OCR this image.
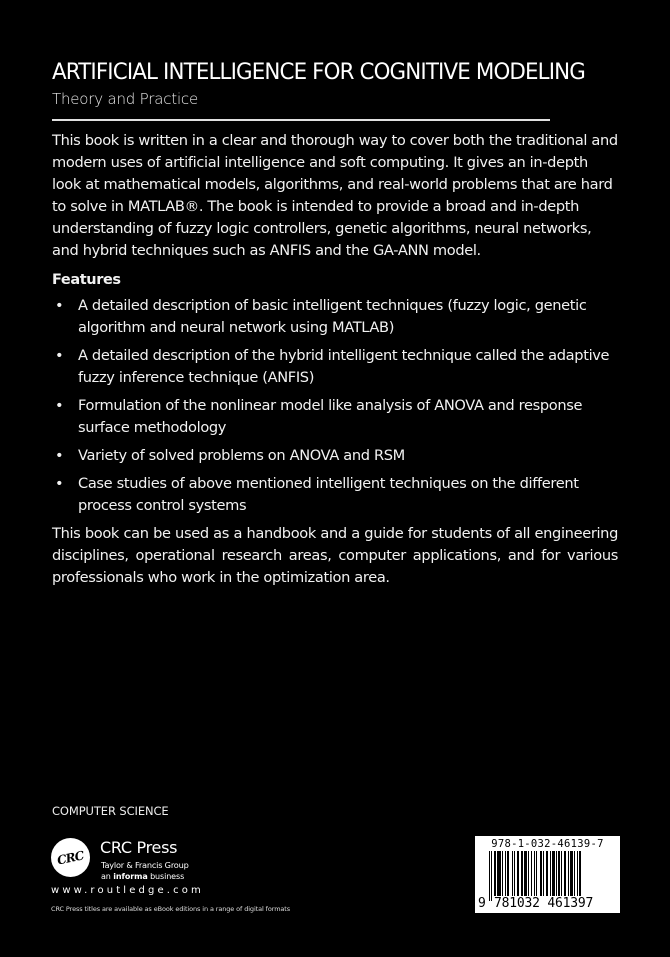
ARTIFICIAL INTELLIGENCE FOR COGNITIVE MODELING
Theory and Practice

This book is written in a clear and thorough way to cover both the traditional and modern uses of artificial intelligence and soft computing. It gives an in-depth look at mathematical models, algorithms, and real-world problems that are hard to solve in MATLAB®. The book is intended to provide a broad and in-depth understanding of fuzzy logic controllers, genetic algorithms, neural networks, and hybrid techniques such as ANFIS and the GA-ANN model.

Features
• A detailed description of basic intelligent techniques (fuzzy logic, genetic algorithm and neural network using MATLAB)
• A detailed description of the hybrid intelligent technique called the adaptive fuzzy inference technique (ANFIS)
• Formulation of the nonlinear model like analysis of ANOVA and response surface methodology
• Variety of solved problems on ANOVA and RSM
• Case studies of above mentioned intelligent techniques on the different process control systems

This book can be used as a handbook and a guide for students of all engineering disciplines, operational research areas, computer applications, and for various professionals who work in the optimization area.

COMPUTER SCIENCE
CRC
CRC Press
Taylor & Francis Group
an informa business
www.routledge.com
CRC Press titles are available as eBook editions in a range of digital formats
978-1-032-46139-7
9 781032 461397
